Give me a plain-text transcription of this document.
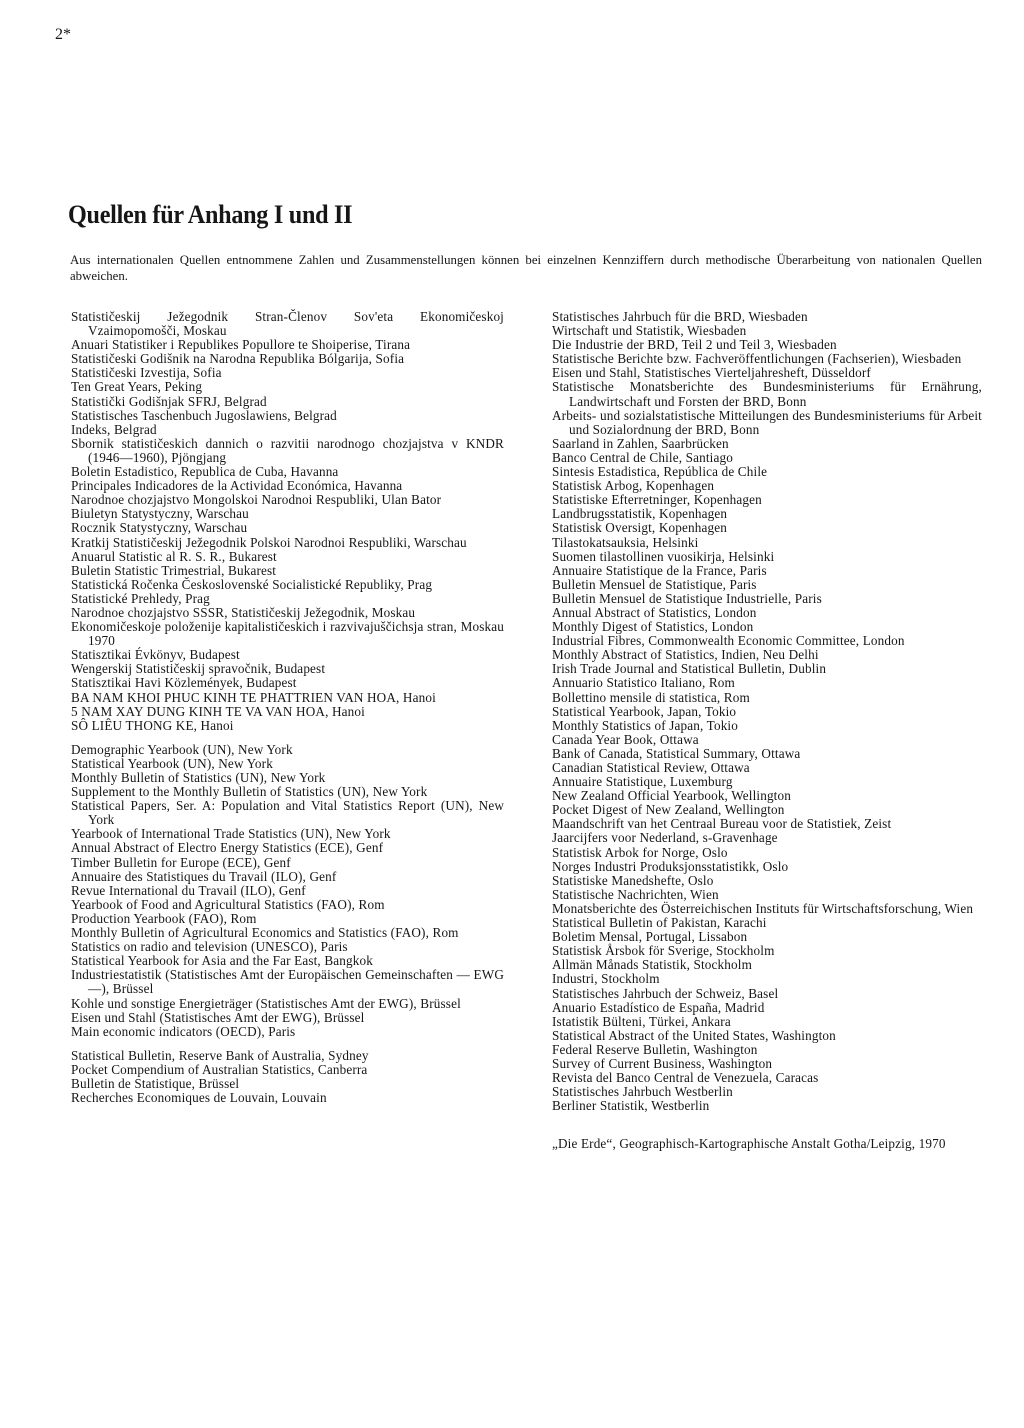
2*
Quellen für Anhang I und II

Aus internationalen Quellen entnommene Zahlen und Zusammenstellungen können bei einzelnen Kennziffern durch methodische Überarbeitung von nationalen Quellen abweichen.

Statističeskij Ježegodnik Stran-Členov Sov'eta Ekonomičeskoj Vzaimopomošči, Moskau
Anuari Statistiker i Republikes Popullore te Shoiperise, Tirana
Statističeski Godišnik na Narodna Republika Bólgarija, Sofia
Statističeski Izvestija, Sofia
Ten Great Years, Peking
Statistički Godišnjak SFRJ, Belgrad
Statistisches Taschenbuch Jugoslawiens, Belgrad
Indeks, Belgrad
Sbornik statističeskich dannich o razvitii narodnogo chozjajstva v KNDR (1946—1960), Pjöngjang
Boletin Estadistico, Republica de Cuba, Havanna
Principales Indicadores de la Actividad Económica, Havanna
Narodnoe chozjajstvo Mongolskoi Narodnoi Respubliki, Ulan Bator
Biuletyn Statystyczny, Warschau
Rocznik Statystyczny, Warschau
Kratkij Statističeskij Ježegodnik Polskoi Narodnoi Respubliki, Warschau
Anuarul Statistic al R. S. R., Bukarest
Buletin Statistic Trimestrial, Bukarest
Statistická Ročenka Československé Socialistické Republiky, Prag
Statistické Prehledy, Prag
Narodnoe chozjajstvo SSSR, Statističeskij Ježegodnik, Moskau
Ekonomičeskoje položenije kapitalističeskich i razvivajuščichsja stran, Moskau 1970
Statisztikai Évkönyv, Budapest
Wengerskij Statističeskij spravočnik, Budapest
Statisztikai Havi Közlemények, Budapest
BA NAM KHOI PHUC KINH TE PHATTRIEN VAN HOA, Hanoi
5 NAM XAY DUNG KINH TE VA VAN HOA, Hanoi
SÔ LIÊU THONG KE, Hanoi
Demographic Yearbook (UN), New York
Statistical Yearbook (UN), New York
Monthly Bulletin of Statistics (UN), New York
Supplement to the Monthly Bulletin of Statistics (UN), New York
Statistical Papers, Ser. A: Population and Vital Statistics Report (UN), New York
Yearbook of International Trade Statistics (UN), New York
Annual Abstract of Electro Energy Statistics (ECE), Genf
Timber Bulletin for Europe (ECE), Genf
Annuaire des Statistiques du Travail (ILO), Genf
Revue International du Travail (ILO), Genf
Yearbook of Food and Agricultural Statistics (FAO), Rom
Production Yearbook (FAO), Rom
Monthly Bulletin of Agricultural Economics and Statistics (FAO), Rom
Statistics on radio and television (UNESCO), Paris
Statistical Yearbook for Asia and the Far East, Bangkok
Industriestatistik (Statistisches Amt der Europäischen Gemeinschaften — EWG —), Brüssel
Kohle und sonstige Energieträger (Statistisches Amt der EWG), Brüssel
Eisen und Stahl (Statistisches Amt der EWG), Brüssel
Main economic indicators (OECD), Paris
Statistical Bulletin, Reserve Bank of Australia, Sydney
Pocket Compendium of Australian Statistics, Canberra
Bulletin de Statistique, Brüssel
Recherches Economiques de Louvain, Louvain
Statistisches Jahrbuch für die BRD, Wiesbaden
Wirtschaft und Statistik, Wiesbaden
Die Industrie der BRD, Teil 2 und Teil 3, Wiesbaden
Statistische Berichte bzw. Fachveröffentlichungen (Fachserien), Wiesbaden
Eisen und Stahl, Statistisches Vierteljahresheft, Düsseldorf
Statistische Monatsberichte des Bundesministeriums für Ernährung, Landwirtschaft und Forsten der BRD, Bonn
Arbeits- und sozialstatistische Mitteilungen des Bundesministeriums für Arbeit und Sozialordnung der BRD, Bonn
Saarland in Zahlen, Saarbrücken
Banco Central de Chile, Santiago
Sintesis Estadistica, República de Chile
Statistisk Arbog, Kopenhagen
Statistiske Efterretninger, Kopenhagen
Landbrugsstatistik, Kopenhagen
Statistisk Oversigt, Kopenhagen
Tilastokatsauksia, Helsinki
Suomen tilastollinen vuosikirja, Helsinki
Annuaire Statistique de la France, Paris
Bulletin Mensuel de Statistique, Paris
Bulletin Mensuel de Statistique Industrielle, Paris
Annual Abstract of Statistics, London
Monthly Digest of Statistics, London
Industrial Fibres, Commonwealth Economic Committee, London
Monthly Abstract of Statistics, Indien, Neu Delhi
Irish Trade Journal and Statistical Bulletin, Dublin
Annuario Statistico Italiano, Rom
Bollettino mensile di statistica, Rom
Statistical Yearbook, Japan, Tokio
Monthly Statistics of Japan, Tokio
Canada Year Book, Ottawa
Bank of Canada, Statistical Summary, Ottawa
Canadian Statistical Review, Ottawa
Annuaire Statistique, Luxemburg
New Zealand Official Yearbook, Wellington
Pocket Digest of New Zealand, Wellington
Maandschrift van het Centraal Bureau voor de Statistiek, Zeist
Jaarcijfers voor Nederland, s-Gravenhage
Statistisk Arbok for Norge, Oslo
Norges Industri Produksjonsstatistikk, Oslo
Statistiske Manedshefte, Oslo
Statistische Nachrichten, Wien
Monatsberichte des Österreichischen Instituts für Wirtschaftsforschung, Wien
Statistical Bulletin of Pakistan, Karachi
Boletim Mensal, Portugal, Lissabon
Statistisk Årsbok för Sverige, Stockholm
Allmän Månads Statistik, Stockholm
Industri, Stockholm
Statistisches Jahrbuch der Schweiz, Basel
Anuario Estadístico de España, Madrid
Istatistik Bülteni, Türkei, Ankara
Statistical Abstract of the United States, Washington
Federal Reserve Bulletin, Washington
Survey of Current Business, Washington
Revista del Banco Central de Venezuela, Caracas
Statistisches Jahrbuch Westberlin
Berliner Statistik, Westberlin
„Die Erde“, Geographisch-Kartographische Anstalt Gotha/Leipzig, 1970
